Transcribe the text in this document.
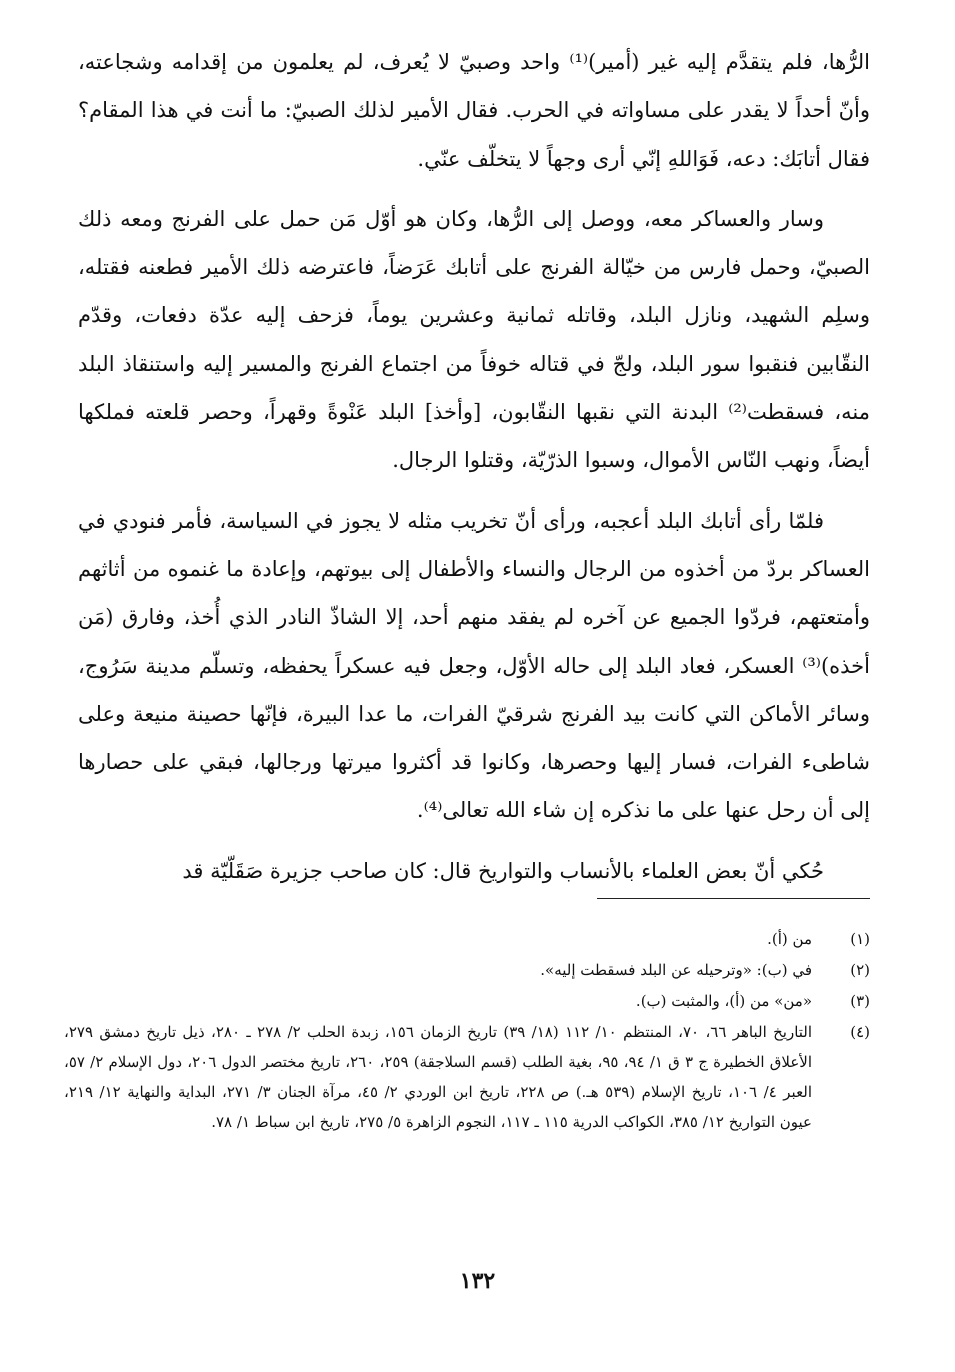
الرُّها، فلم يتقدَّم إليه غير (أمير)⁽¹⁾ واحد وصبيّ لا يُعرف، لم يعلمون من إقدامه وشجاعته، وأنّ أحداً لا يقدر على مساواته في الحرب. فقال الأمير لذلك الصبيّ: ما أنت في هذا المقام؟ فقال أتابَك: دعه، فَوَاللهِ إنّي أرى وجهاً لا يتخلّف عنّي.

وسار والعساكر معه، ووصل إلى الرُّها، وكان هو أوّل مَن حمل على الفرنج ومعه ذلك الصبيّ، وحمل فارس من خيّالة الفرنج على أتابك عَرَضاً، فاعترضه ذلك الأمير فطعنه فقتله، وسلِم الشهيد، ونازل البلد، وقاتله ثمانية وعشرين يوماً، فزحف إليه عدّة دفعات، وقدّم النقّابين فنقبوا سور البلد، ولجّ في قتاله خوفاً من اجتماع الفرنج والمسير إليه واستنقاذ البلد منه، فسقطت⁽²⁾ البدنة التي نقبها النقّابون، [وأخذ] البلد عَنْوةً وقهراً، وحصر قلعته فملكها أيضاً، ونهب النّاس الأموال، وسبوا الذرّيّة، وقتلوا الرجال.

فلمّا رأى أتابك البلد أعجبه، ورأى أنّ تخريب مثله لا يجوز في السياسة، فأمر فنودي في العساكر بردّ من أخذوه من الرجال والنساء والأطفال إلى بيوتهم، وإعادة ما غنموه من أثاثهم وأمتعتهم، فردّوا الجميع عن آخره لم يفقد منهم أحد، إلا الشاذّ النادر الذي أُخذ، وفارق (مَن أخذه)⁽³⁾ العسكر، فعاد البلد إلى حاله الأوّل، وجعل فيه عسكراً يحفظه، وتسلّم مدينة سَرُوج، وسائر الأماكن التي كانت بيد الفرنج شرقيّ الفرات، ما عدا البيرة، فإنّها حصينة منيعة وعلى شاطىء الفرات، فسار إليها وحصرها، وكانوا قد أكثروا ميرتها ورجالها، فبقي على حصارها إلى أن رحل عنها على ما نذكره إن شاء الله تعالى⁽⁴⁾.

حُكي أنّ بعض العلماء بالأنساب والتواريخ قال: كان صاحب جزيرة صَقَلّيّة قد

(١)
من (أ).
(٢)
في (ب): «وترحيله عن البلد فسقطت إليه».
(٣)
«من» من (أ)، والمثبت (ب).
(٤)
التاريخ الباهر ٦٦، ٧٠، المنتظم ١٠/ ١١٢ (١٨/ ٣٩) تاريخ الزمان ١٥٦، زبدة الحلب ٢/ ٢٧٨ ـ ٢٨٠، ذيل تاريخ دمشق ٢٧٩، الأعلاق الخطيرة ج ٣ ق ١/ ٩٤، ٩٥، بغية الطلب (قسم السلاجقة) ٢٥٩، ٢٦٠، تاريخ مختصر الدول ٢٠٦، دول الإسلام ٢/ ٥٧، العبر ٤/ ١٠٦، تاريخ الإسلام (٥٣٩ هـ.) ص ٢٢٨، تاريخ ابن الوردي ٢/ ٤٥، مرآة الجنان ٣/ ٢٧١، البداية والنهاية ١٢/ ٢١٩، عيون التواريخ ١٢/ ٣٨٥، الكواكب الدرية ١١٥ ـ ١١٧، النجوم الزاهرة ٥/ ٢٧٥، تاريخ ابن سباط ١/ ٧٨.
١٣٢
